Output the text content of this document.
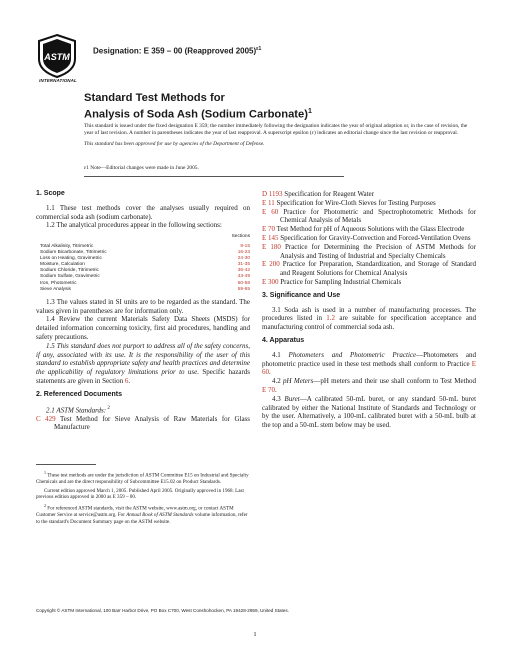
ASTM
INTERNATIONAL
Designation: E 359 – 00 (Reapproved 2005)$^{\varepsilon 1}$
Standard Test Methods for
Analysis of Soda Ash (Sodium Carbonate)$^1$

This standard is issued under the fixed designation E 359; the number immediately following the designation indicates the year of original adoption or, in the case of revision, the year of last revision. A number in parentheses indicates the year of last reapproval. A superscript epsilon (ε) indicates an editorial change since the last revision or reapproval.

This standard has been approved for use by agencies of the Department of Defense.

ε1 Note—Editorial changes were made in June 2005.
1. Scope

1.1 These test methods cover the analyses usually required on commercial soda ash (sodium carbonate).

1.2 The analytical procedures appear in the following sections:

Sections
Total Alkalinity, Titrimetric	8-15
Sodium Bicarbonate, Titrimetric	16-23
Loss on Heating, Gravimetric	24-30
Moisture, Calculation	31-35
Sodium Chloride, Titrimetric	36-42
Sodium Sulfate, Gravimetric	43-49
Iron, Photometric	50-58
Sieve Analysis	59-65

1.3 The values stated in SI units are to be regarded as the standard. The values given in parentheses are for information only.

1.4 Review the current Materials Safety Data Sheets (MSDS) for detailed information concerning toxicity, first aid procedures, handling and safety precautions.

1.5 This standard does not purport to address all of the safety concerns, if any, associated with its use. It is the responsibility of the user of this standard to establish appropriate safety and health practices and determine the applicability of regulatory limitations prior to use. Specific hazards statements are given in Section 6.

2. Referenced Documents

2.1 ASTM Standards: $^2$

C 429 Test Method for Sieve Analysis of Raw Materials for Glass Manufacture

D 1193 Specification for Reagent Water

E 11 Specification for Wire-Cloth Sieves for Testing Purposes

E 60 Practice for Photometric and Spectrophotometric Methods for Chemical Analysis of Metals

E 70 Test Method for pH of Aqueous Solutions with the Glass Electrode

E 145 Specification for Gravity-Convection and Forced-Ventilation Ovens

E 180 Practice for Determining the Precision of ASTM Methods for Analysis and Testing of Industrial and Specialty Chemicals

E 200 Practice for Preparation, Standardization, and Storage of Standard and Reagent Solutions for Chemical Analysis

E 300 Practice for Sampling Industrial Chemicals

3. Significance and Use

3.1 Soda ash is used in a number of manufacturing processes. The procedures listed in 1.2 are suitable for specification acceptance and manufacturing control of commercial soda ash.

4. Apparatus

4.1 Photometers and Photometric Practice—Photometers and photometric practice used in these test methods shall conform to Practice E 60.

4.2 pH Meters—pH meters and their use shall conform to Test Method E 70.

4.3 Buret—A calibrated 50-mL buret, or any standard 50-mL buret calibrated by either the National Institute of Standards and Technology or by the user. Alternatively, a 100-mL calibrated buret with a 50-mL bulb at the top and a 50-mL stem below may be used.

$^1$ These test methods are under the jurisdiction of ASTM Committee E15 on Industrial and Specialty Chemicals and are the direct responsibility of Subcommittee E15.02 on Product Standards.

Current edition approved March 1, 2005. Published April 2005. Originally approved in 1968. Last previous edition approved in 2000 as E 359 – 00.

$^2$ For referenced ASTM standards, visit the ASTM website, www.astm.org, or contact ASTM Customer Service at service@astm.org. For Annual Book of ASTM Standards volume information, refer to the standard's Document Summary page on the ASTM website.

Copyright © ASTM International, 100 Barr Harbor Drive, PO Box C700, West Conshohocken, PA 19428-2959, United States.
1
